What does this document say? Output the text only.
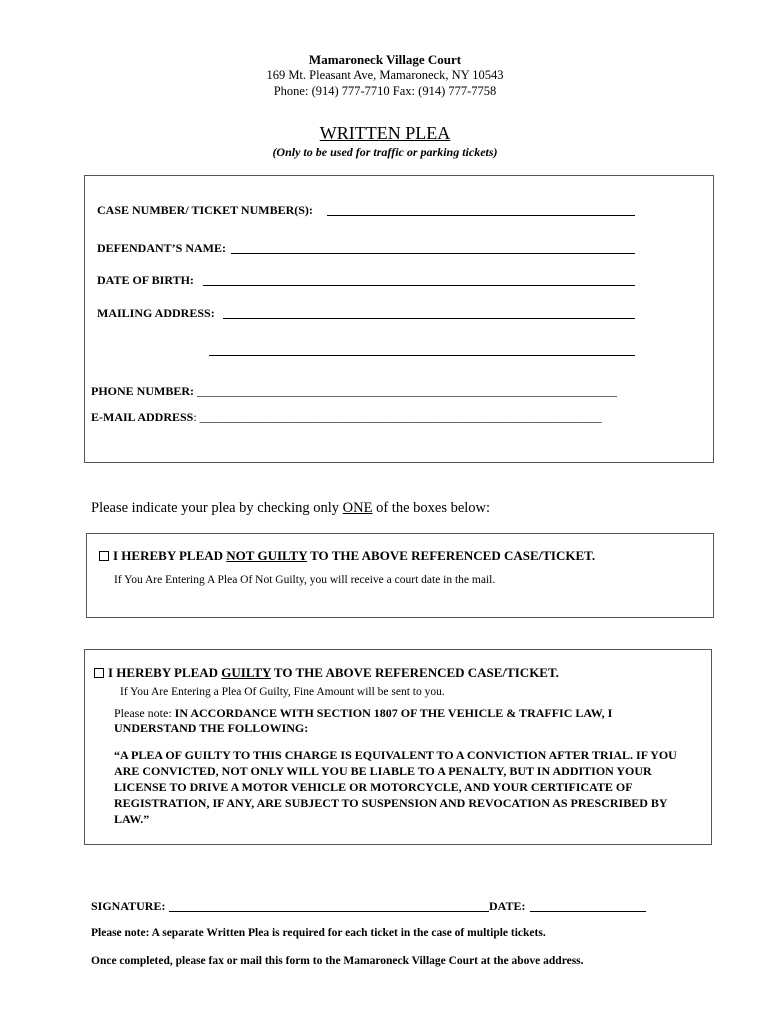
Mamaroneck Village Court
169 Mt. Pleasant Ave, Mamaroneck, NY 10543
Phone: (914) 777-7710 Fax: (914) 777-7758
WRITTEN PLEA
(Only to be used for traffic or parking tickets)
CASE NUMBER/ TICKET NUMBER(S):
DEFENDANT’S NAME:
DATE OF BIRTH:
MAILING ADDRESS:
PHONE NUMBER: ______________________________________________________________________
E-MAIL ADDRESS: ___________________________________________________________________
Please indicate your plea by checking only ONE of the boxes below:
I HEREBY PLEAD NOT GUILTY TO THE ABOVE REFERENCED CASE/TICKET.
If You Are Entering A Plea Of Not Guilty, you will receive a court date in the mail.
I HEREBY PLEAD GUILTY TO THE ABOVE REFERENCED CASE/TICKET.
If You Are Entering a Plea Of Guilty, Fine Amount will be sent to you.
Please note: IN ACCORDANCE WITH SECTION 1807 OF THE VEHICLE & TRAFFIC LAW, I UNDERSTAND THE FOLLOWING:
“A PLEA OF GUILTY TO THIS CHARGE IS EQUIVALENT TO A CONVICTION AFTER TRIAL. IF YOU ARE CONVICTED, NOT ONLY WILL YOU BE LIABLE TO A PENALTY, BUT IN ADDITION YOUR LICENSE TO DRIVE A MOTOR VEHICLE OR MOTORCYCLE, AND YOUR CERTIFICATE OF REGISTRATION, IF ANY, ARE SUBJECT TO SUSPENSION AND REVOCATION AS PRESCRIBED BY LAW.”
SIGNATURE:	DATE:
Please note: A separate Written Plea is required for each ticket in the case of multiple tickets.
Once completed, please fax or mail this form to the Mamaroneck Village Court at the above address.
